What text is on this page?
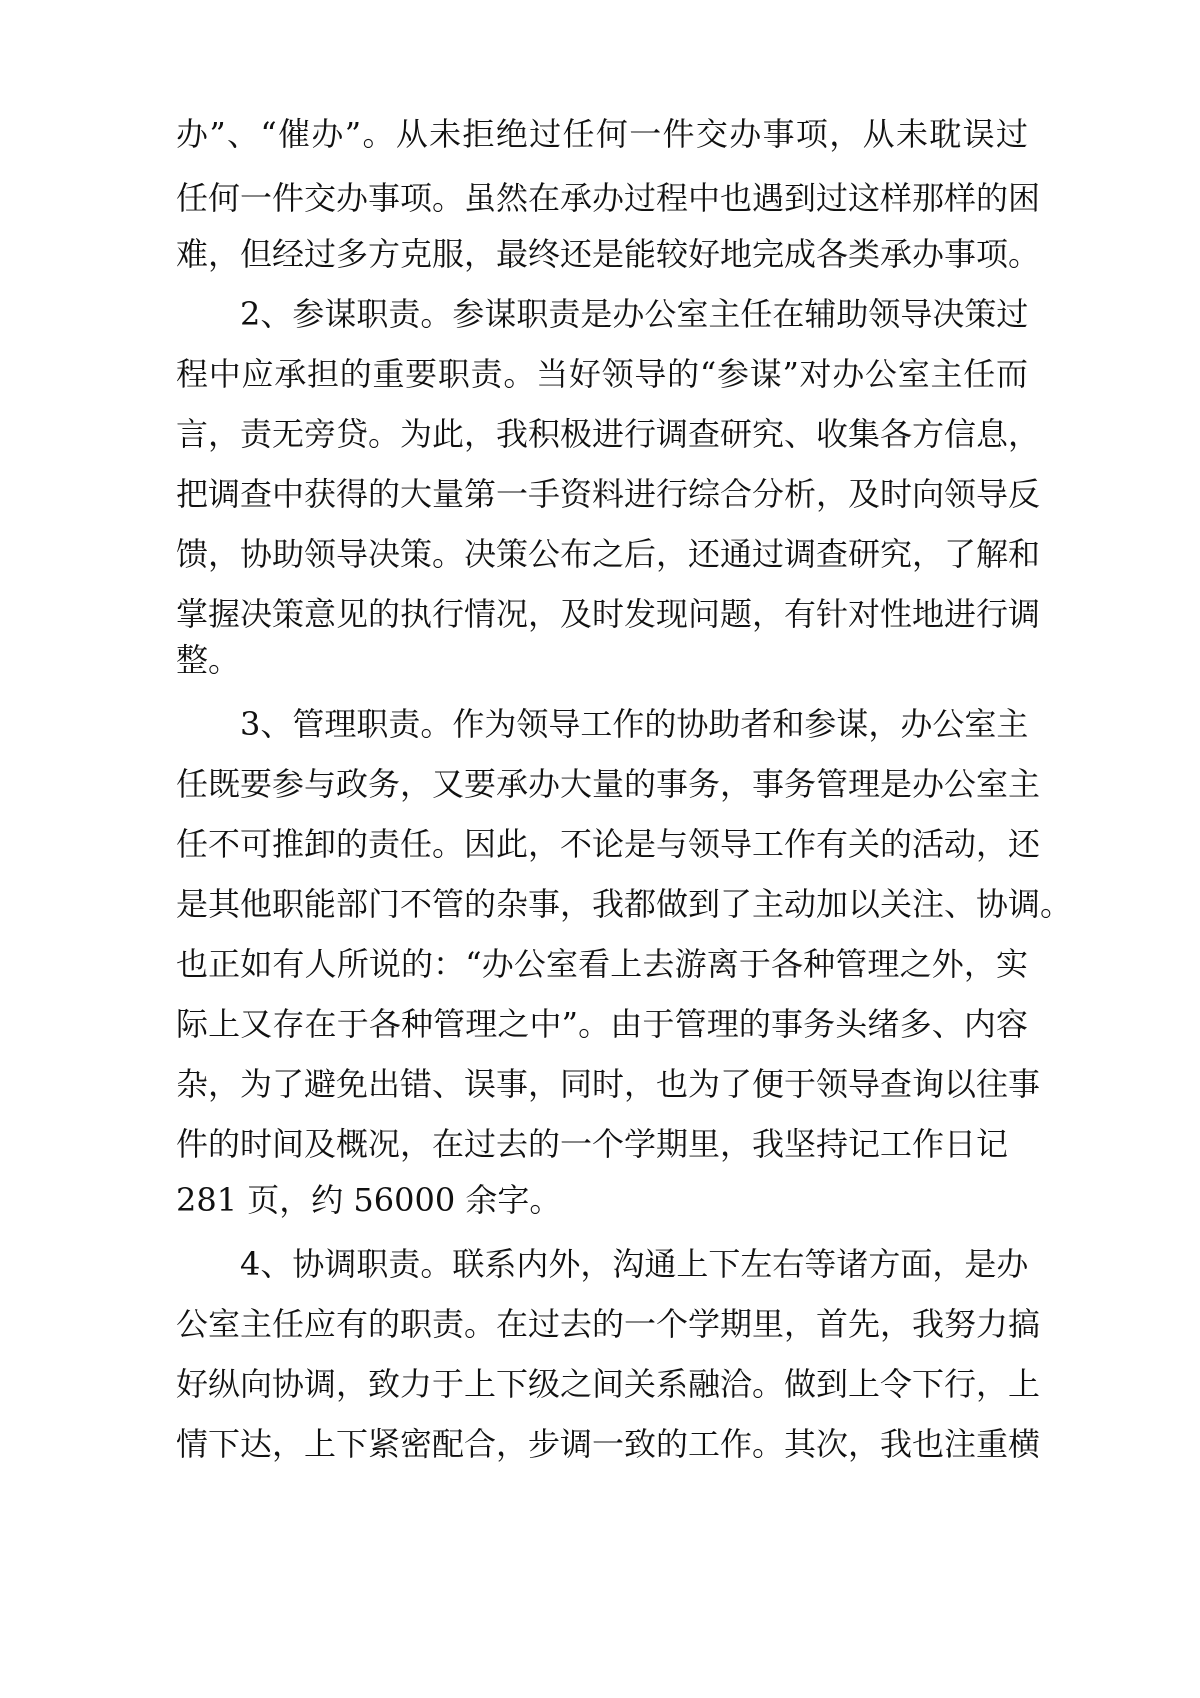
办”、“催办”。从未拒绝过任何一件交办事项，从未耽误过

任何一件交办事项。虽然在承办过程中也遇到过这样那样的困

难，但经过多方克服，最终还是能较好地完成各类承办事项。

2、参谋职责。参谋职责是办公室主任在辅助领导决策过

程中应承担的重要职责。当好领导的“参谋”对办公室主任而

言，责无旁贷。为此，我积极进行调查研究、收集各方信息，

把调查中获得的大量第一手资料进行综合分析，及时向领导反

馈，协助领导决策。决策公布之后，还通过调查研究，了解和

掌握决策意见的执行情况，及时发现问题，有针对性地进行调

整。

3、管理职责。作为领导工作的协助者和参谋，办公室主

任既要参与政务，又要承办大量的事务，事务管理是办公室主

任不可推卸的责任。因此，不论是与领导工作有关的活动，还

是其他职能部门不管的杂事，我都做到了主动加以关注、协调。

也正如有人所说的：“办公室看上去游离于各种管理之外，实

际上又存在于各种管理之中”。由于管理的事务头绪多、内容

杂，为了避免出错、误事，同时，也为了便于领导查询以往事

件的时间及概况，在过去的一个学期里，我坚持记工作日记

281 页，约 56000 余字。

4、协调职责。联系内外，沟通上下左右等诸方面，是办

公室主任应有的职责。在过去的一个学期里，首先，我努力搞

好纵向协调，致力于上下级之间关系融洽。做到上令下行，上

情下达，上下紧密配合，步调一致的工作。其次，我也注重横
